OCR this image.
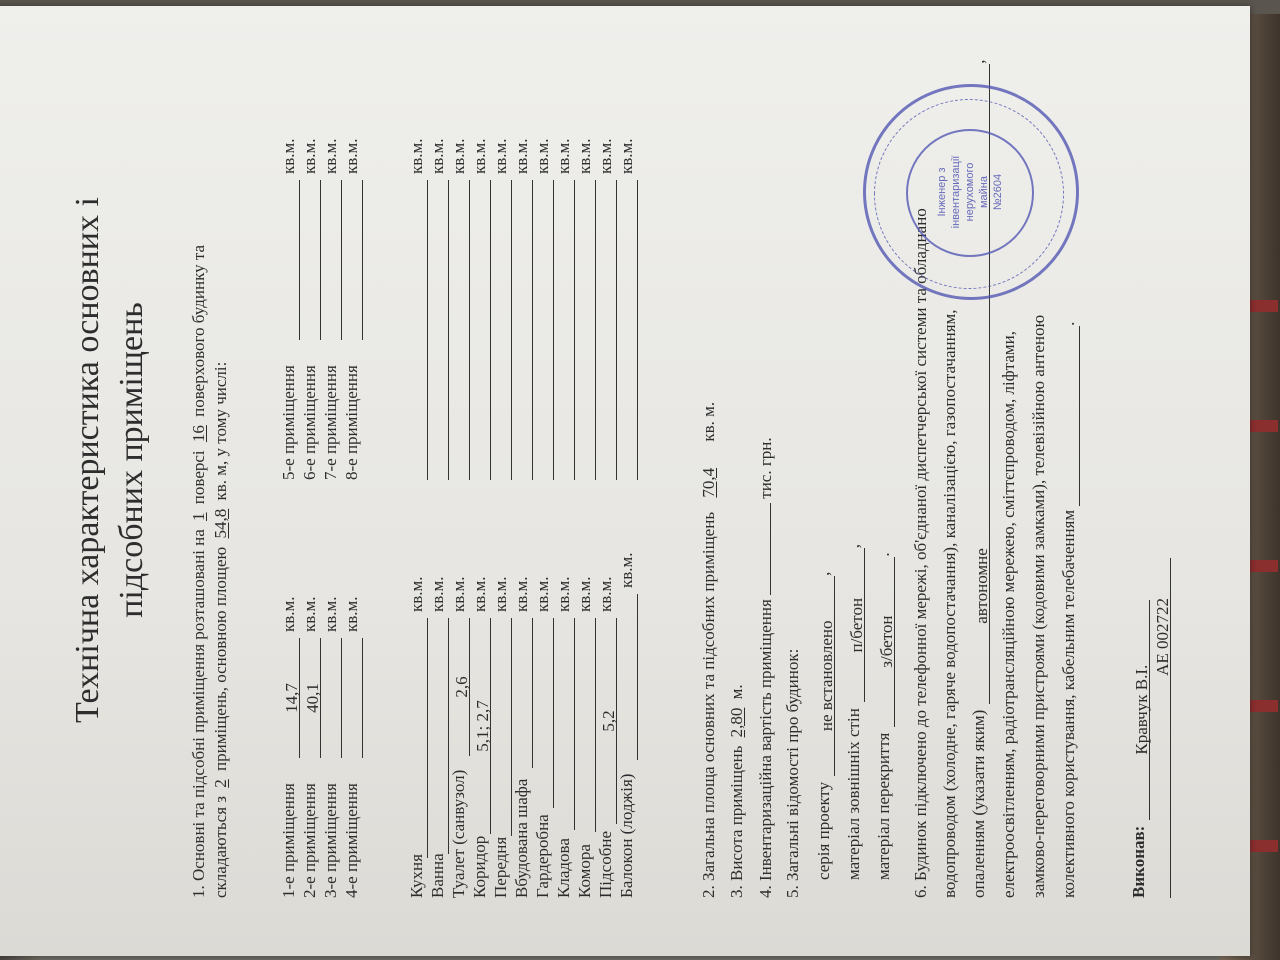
Технічна характеристика основних і підсобних приміщень
1. Основні та підсобні приміщення розташовані на 1 поверсі 16 поверхового будинку та
складаються з 2 приміщень, основною площею 54,8 кв. м, у тому числі:
1-е приміщення
14,7
кв.м.
2-е приміщення
40,1
кв.м.
3-е приміщення
кв.м.
4-е приміщення
кв.м.
5-е приміщення
кв.м.
6-е приміщення
кв.м.
7-е приміщення
кв.м.
8-е приміщення
кв.м.
Кухня
кв.м.
Ванна
кв.м.
Туалет (санвузол)
2,6
кв.м.
Коридор
5,1; 2,7
кв.м.
Передня
кв.м.
Вбудована шафа
кв.м.
Гардеробна
кв.м.
Кладова
кв.м.
Комора
кв.м.
Підсобне
5,2
кв.м.
Балокон (лоджія)
кв.м.
кв.м. кв.м. кв.м. кв.м. кв.м. кв.м. кв.м. кв.м. кв.м. кв.м. кв.м.
2. Загальна площа основних та підсобних приміщень 70,4 кв. м.
3. Висота приміщень 2,80 м. 4. Інвентаризаційна вартість приміщення  тис. грн.
5. Загальні відомості про будинок: серія проекту
не встановлено
,
матеріал зовнішніх стін
п/бетон
,
матеріал перекриття
з/бетон
. 6. Будинок підключено до телефонної мережі, об'єднаної диспетчерської системи та обладнано водопроводом (холодне, гаряче водопостачання), каналізацією, газопостачанням, опаленням (указати яким)
автономне
,
електроосвітленням, радіотрансляційною мережею, сміттєпроводом, ліфтами, замково-переговорними пристроями (кодовими замками), телевізійною антеною колективного користування, кабельним телебаченням
.
Виконав:
Кравчук В.І.
АЕ 002722
Інженер з інвентаризації нерухомого майна №2604
